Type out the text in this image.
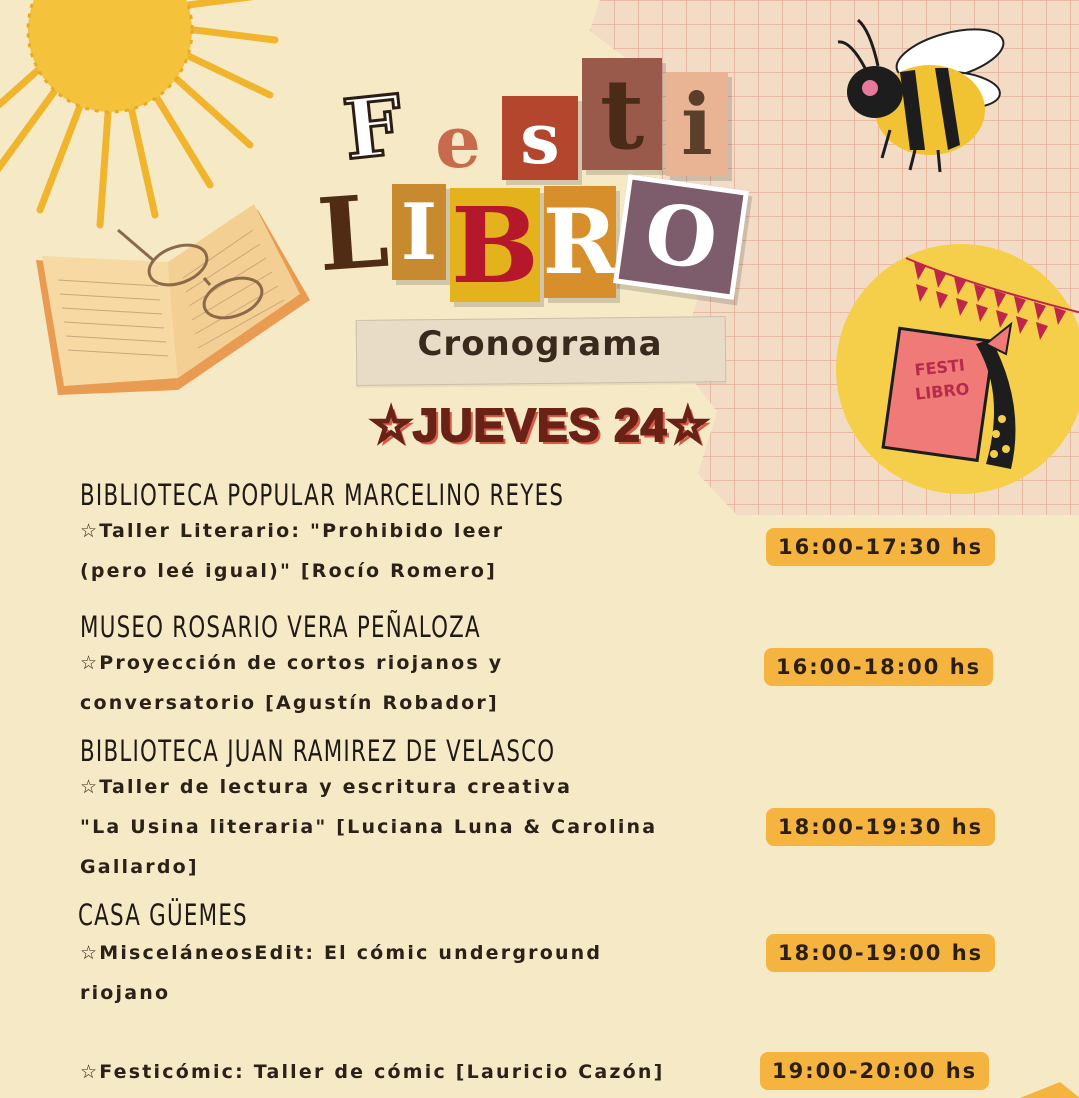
FESTI
LIBRO
F e s t i
L I B R O
Cronograma
☆JUEVES 24☆
BIBLIOTECA POPULAR MARCELINO REYES
☆Taller Literario: "Prohibido leer
(pero leé igual)" [Rocío Romero]
16:00-17:30 hs
MUSEO ROSARIO VERA PEÑALOZA
☆Proyección de cortos riojanos y
conversatorio [Agustín Robador]
16:00-18:00 hs
BIBLIOTECA JUAN RAMIREZ DE VELASCO
☆Taller de lectura y escritura creativa
"La Usina literaria" [Luciana Luna & Carolina
Gallardo]
18:00-19:30 hs
CASA GÜEMES
☆MisceláneosEdit: El cómic underground
riojano
18:00-19:00 hs
☆Festicómic: Taller de cómic [Lauricio Cazón]	19:00-20:00 hs
